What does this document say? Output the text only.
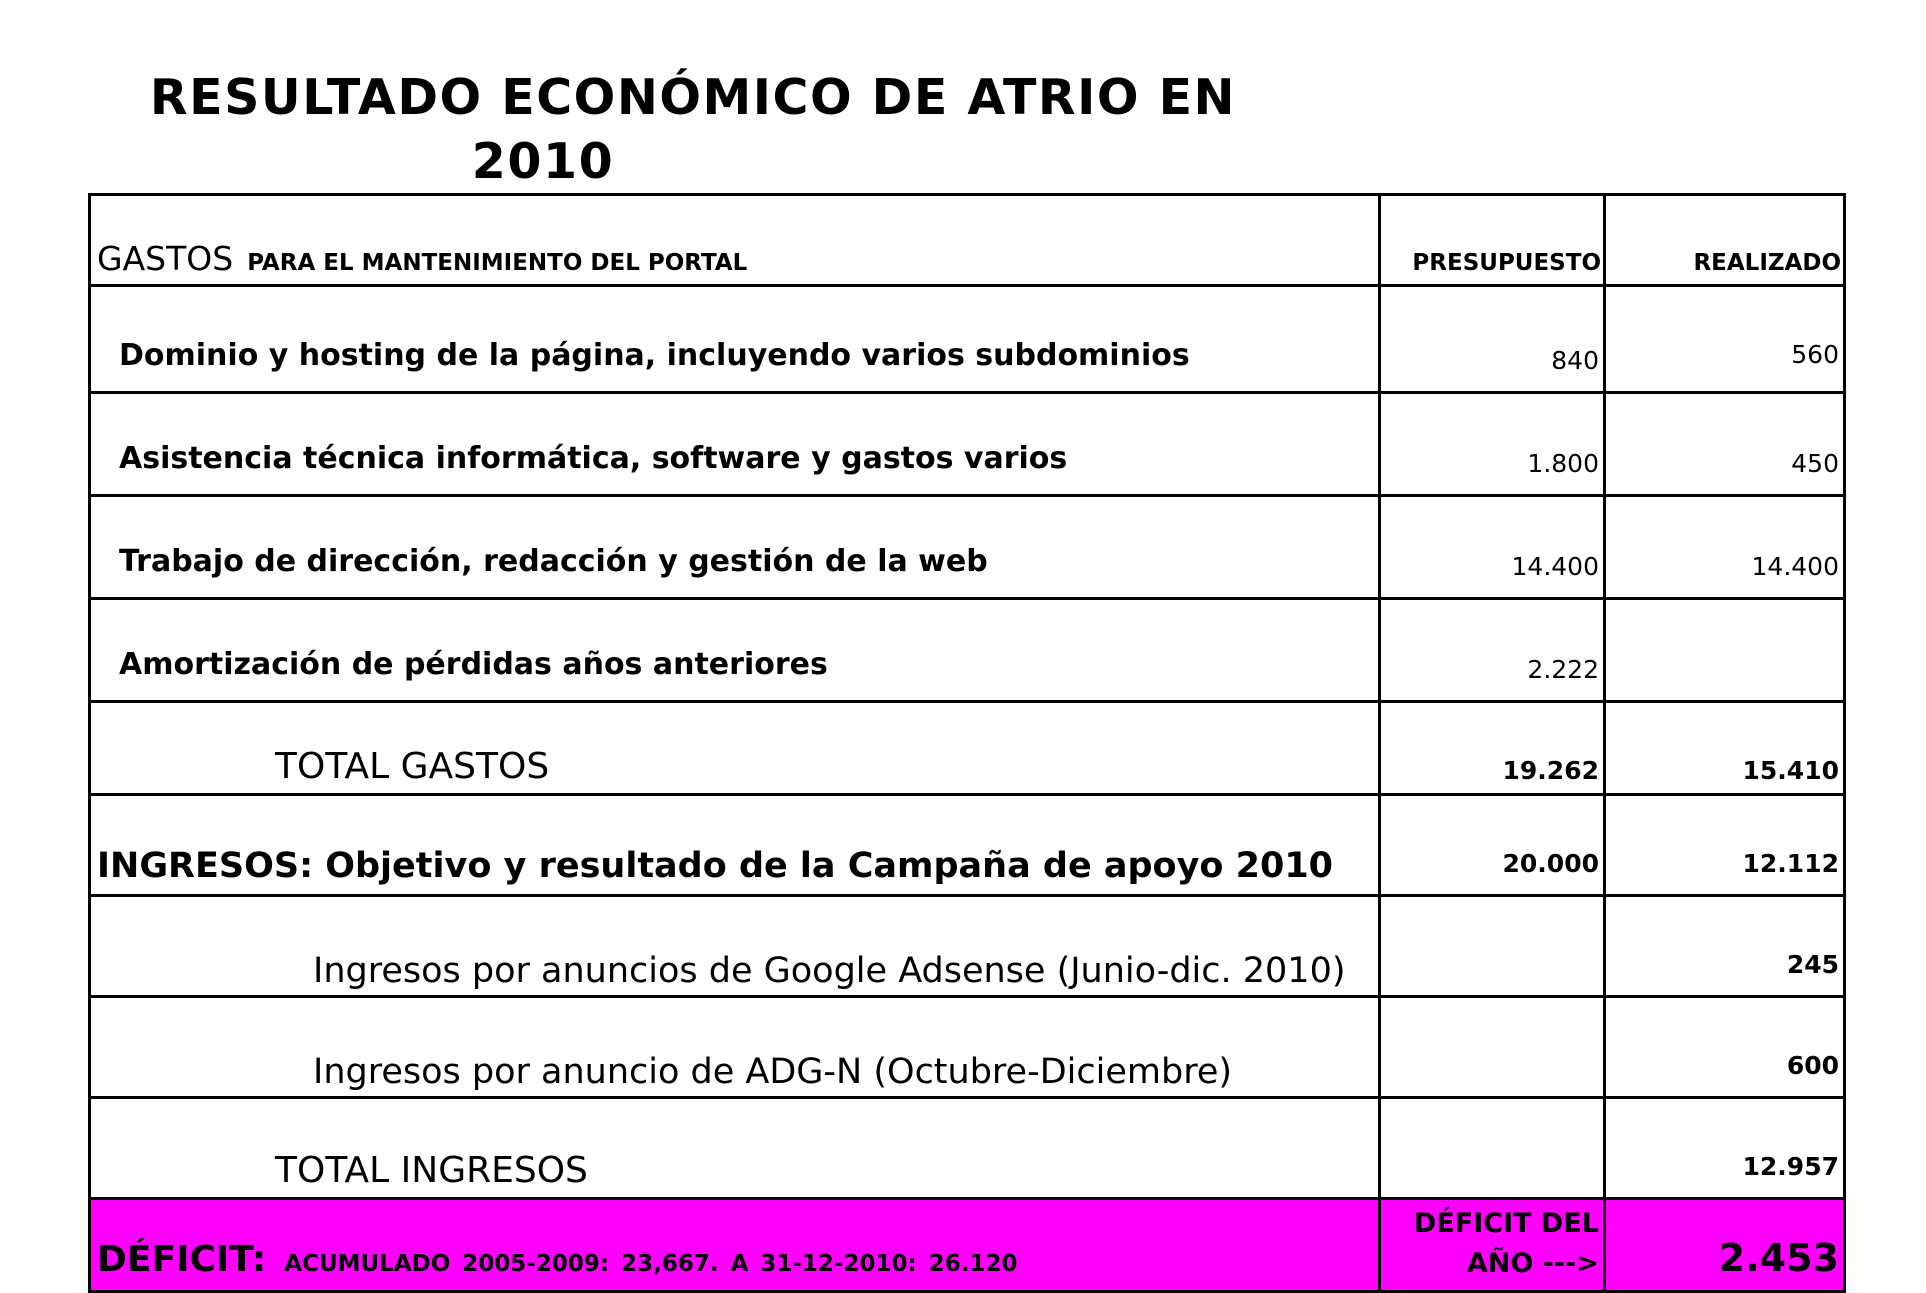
RESULTADO ECONÓMICO DE ATRIO EN
2010
GASTOS PARA EL MANTENIMIENTO DEL PORTAL	PRESUPUESTO	REALIZADO
Dominio y hosting de la página, incluyendo varios subdominios	840	560
Asistencia técnica informática, software y gastos varios	1.800	450
Trabajo de dirección, redacción y gestión de la web	14.400	14.400
Amortización de pérdidas años anteriores	2.222	
TOTAL GASTOS	19.262	15.410
INGRESOS: Objetivo y resultado de la Campaña de apoyo 2010	20.000	12.112
Ingresos por anuncios de Google Adsense (Junio-dic. 2010)		245
Ingresos por anuncio de ADG-N (Octubre-Diciembre)		600
TOTAL INGRESOS		12.957
DÉFICIT: ACUMULADO 2005-2009: 23,667. A 31-12-2010: 26.120	DÉFICIT DEL AÑO --->	2.453
